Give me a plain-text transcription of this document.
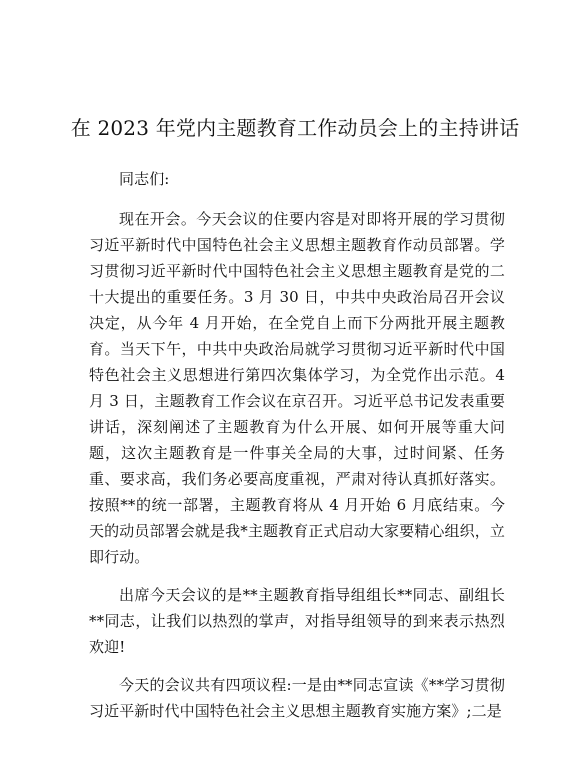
在 2023 年党内主题教育工作动员会上的主持讲话

同志们:

现在开会。今天会议的住要内容是对即将开展的学习贯彻习近平新时代中国特色社会主义思想主题教育作动员部署。学习贯彻习近平新时代中国特色社会主义思想主题教育是党的二十大提出的重要任务。3 月 30 日，中共中央政治局召开会议决定，从今年 4 月开始，在全党自上而下分两批开展主题教育。当天下午，中共中央政治局就学习贯彻习近平新时代中国特色社会主义思想进行第四次集体学习，为全党作出示范。4 月 3 日，主题教育工作会议在京召开。习近平总书记发表重要讲话，深刻阐述了主题教育为什么开展、如何开展等重大问题，这次主题教育是一件事关全局的大事，过时间紧、任务重、要求高，我们务必要高度重视，严肃对待认真抓好落实。按照**的统一部署，主题教育将从 4 月开始 6 月底结束。今天的动员部署会就是我*主题教育正式启动大家要精心组织，立即行动。

出席今天会议的是**主题教育指导组组长**同志、副组长**同志，让我们以热烈的掌声，对指导组领导的到来表示热烈欢迎!

今天的会议共有四项议程:一是由**同志宣读《**学习贯彻习近平新时代中国特色社会主义思想主题教育实施方案》;二是
